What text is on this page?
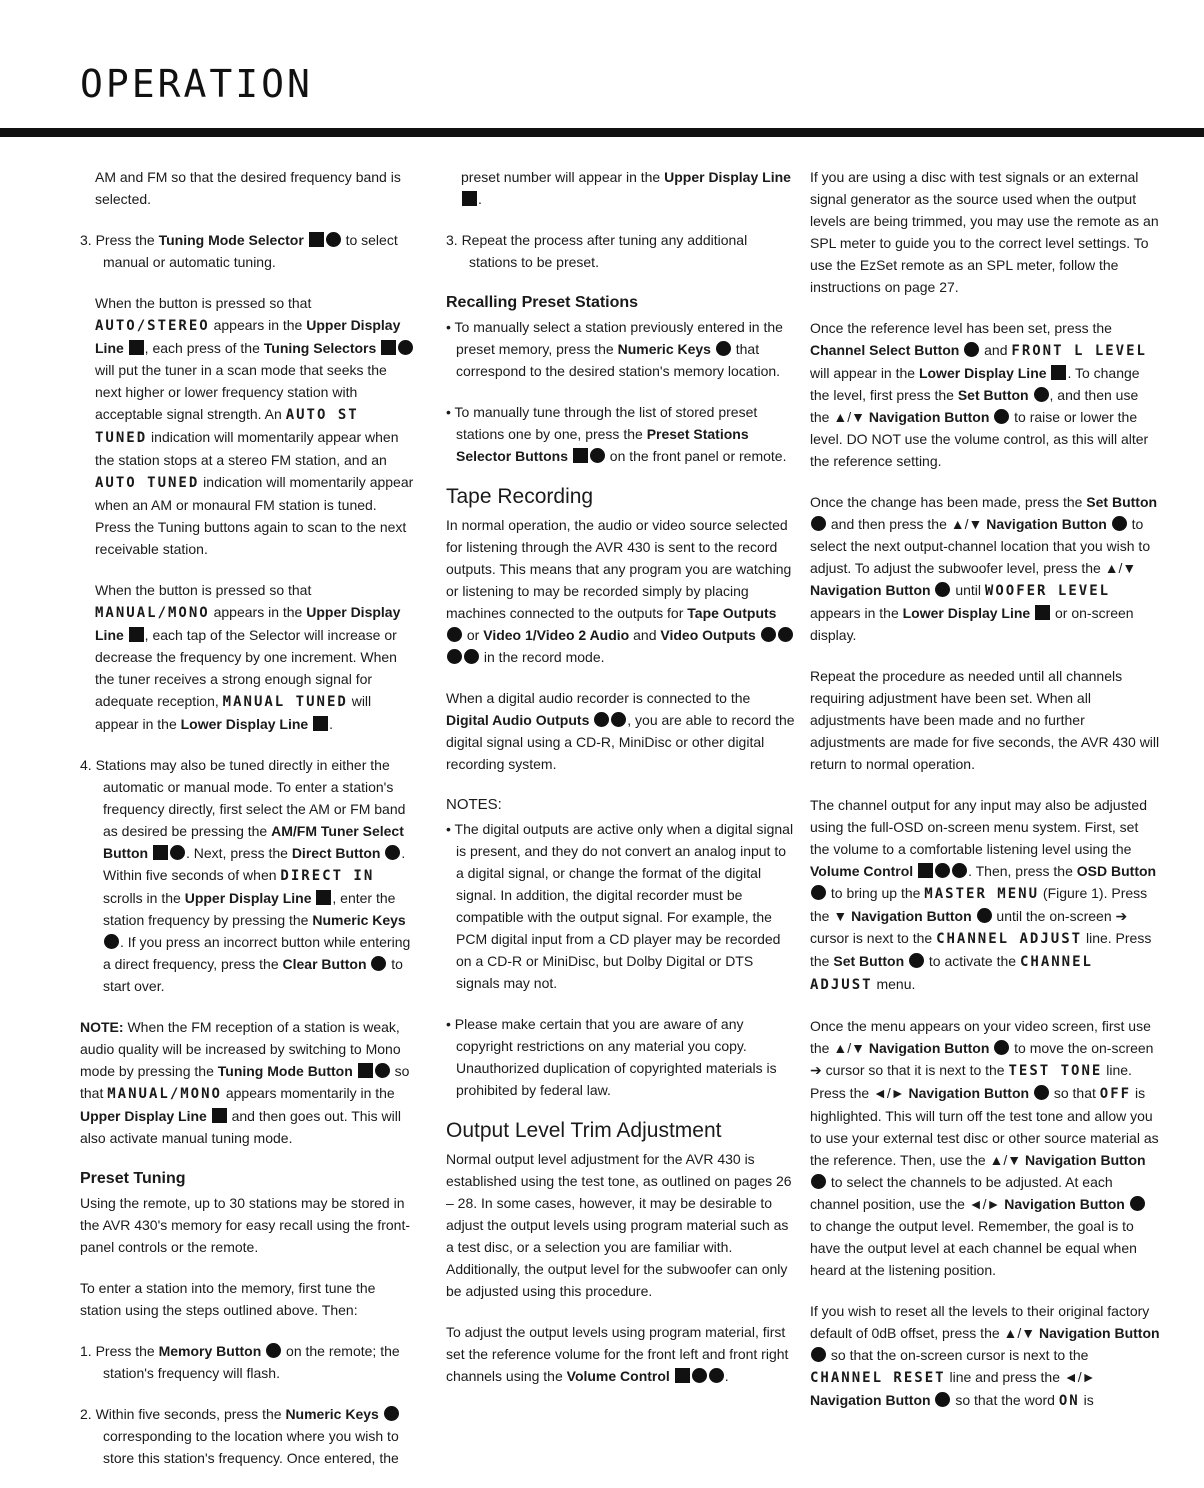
OPERATION

AM and FM so that the desired frequency band is selected.

3. Press the Tuning Mode Selector	to select manual or automatic tuning.

When the button is pressed so that AUTO/STEREO appears in the Upper Display Line , each press of the Tuning Selectors  will put the tuner in a scan mode that seeks the next higher or lower frequency station with acceptable signal strength. An AUTO ST TUNED indication will momentarily appear when the station stops at a stereo FM station, and an AUTO TUNED indication will momentarily appear when an AM or monaural FM station is tuned. Press the Tuning buttons again to scan to the next receivable station.

When the button is pressed so that MANUAL/MONO appears in the Upper Display Line , each tap of the Selector will increase or decrease the frequency by one increment. When the tuner receives a strong enough signal for adequate reception, MANUAL TUNED will appear in the Lower Display Line .

4. Stations may also be tuned directly in either the automatic or manual mode. To enter a station's frequency directly, first select the AM or FM band as desired be pressing the AM/FM Tuner Select Button	. Next, press the Direct Button . Within five seconds of when DIRECT IN scrolls in the Upper Display Line , enter the station frequency by pressing the Numeric Keys . If you press an incorrect button while entering a direct frequency, press the Clear Button  to start over.

NOTE: When the FM reception of a station is weak, audio quality will be increased by switching to Mono mode by pressing the Tuning Mode Button	so that MANUAL/MONO appears momentarily in the Upper Display Line  and then goes out. This will also activate manual tuning mode.

Preset Tuning

Using the remote, up to 30 stations may be stored in the AVR 430's memory for easy recall using the front-panel controls or the remote.

To enter a station into the memory, first tune the station using the steps outlined above. Then:

1. Press the Memory Button  on the remote; the station's frequency will flash.

2. Within five seconds, press the Numeric Keys  corresponding to the location where you wish to store this station's frequency. Once entered, the

preset number will appear in the Upper Display Line .

3. Repeat the process after tuning any additional stations to be preset.

Recalling Preset Stations

• To manually select a station previously entered in the preset memory, press the Numeric Keys  that correspond to the desired station's memory location.

• To manually tune through the list of stored preset stations one by one, press the Preset Stations Selector Buttons	on the front panel or remote.

Tape Recording

In normal operation, the audio or video source selected for listening through the AVR 430 is sent to the record outputs. This means that any program you are watching or listening to may be recorded simply by placing machines connected to the outputs for Tape Outputs  or Video 1/Video 2 Audio and Video Outputs  in the record mode.

When a digital audio recorder is connected to the Digital Audio Outputs	, you are able to record the digital signal using a CD-R, MiniDisc or other digital recording system.

NOTES:

• The digital outputs are active only when a digital signal is present, and they do not convert an analog input to a digital signal, or change the format of the digital signal. In addition, the digital recorder must be compatible with the output signal. For example, the PCM digital input from a CD player may be recorded on a CD-R or MiniDisc, but Dolby Digital or DTS signals may not.

• Please make certain that you are aware of any copyright restrictions on any material you copy. Unauthorized duplication of copyrighted materials is prohibited by federal law.

Output Level Trim Adjustment

Normal output level adjustment for the AVR 430 is established using the test tone, as outlined on pages 26 – 28. In some cases, however, it may be desirable to adjust the output levels using program material such as a test disc, or a selection you are familiar with. Additionally, the output level for the subwoofer can only be adjusted using this procedure.

To adjust the output levels using program material, first set the reference volume for the front left and front right channels using the Volume Control	.

If you are using a disc with test signals or an external signal generator as the source used when the output levels are being trimmed, you may use the remote as an SPL meter to guide you to the correct level settings. To use the EzSet remote as an SPL meter, follow the instructions on page 27.

Once the reference level has been set, press the Channel Select Button  and FRONT L LEVEL will appear in the Lower Display Line . To change the level, first press the Set Button , and then use the ▲/▼ Navigation Button  to raise or lower the level. DO NOT use the volume control, as this will alter the reference setting.

Once the change has been made, press the Set Button  and then press the ▲/▼ Navigation Button  to select the next output-channel location that you wish to adjust. To adjust the subwoofer level, press the ▲/▼ Navigation Button  until WOOFER LEVEL appears in the Lower Display Line  or on-screen display.

Repeat the procedure as needed until all channels requiring adjustment have been set. When all adjustments have been made and no further adjustments are made for five seconds, the AVR 430 will return to normal operation.

The channel output for any input may also be adjusted using the full-OSD on-screen menu system. First, set the volume to a comfortable listening level using the Volume Control	. Then, press the OSD Button  to bring up the MASTER MENU (Figure 1). Press the ▼ Navigation Button  until the on-screen ➔ cursor is next to the CHANNEL ADJUST line. Press the Set Button  to activate the CHANNEL ADJUST menu.

Once the menu appears on your video screen, first use the ▲/▼ Navigation Button  to move the on-screen ➔ cursor so that it is next to the TEST TONE line. Press the ◄/► Navigation Button  so that OFF is highlighted. This will turn off the test tone and allow you to use your external test disc or other source material as the reference. Then, use the ▲/▼ Navigation Button  to select the channels to be adjusted. At each channel position, use the ◄/► Navigation Button  to change the output level. Remember, the goal is to have the output level at each channel be equal when heard at the listening position.

If you wish to reset all the levels to their original factory default of 0dB offset, press the ▲/▼ Navigation Button  so that the on-screen cursor is next to the CHANNEL RESET line and press the ◄/► Navigation Button  so that the word ON is
